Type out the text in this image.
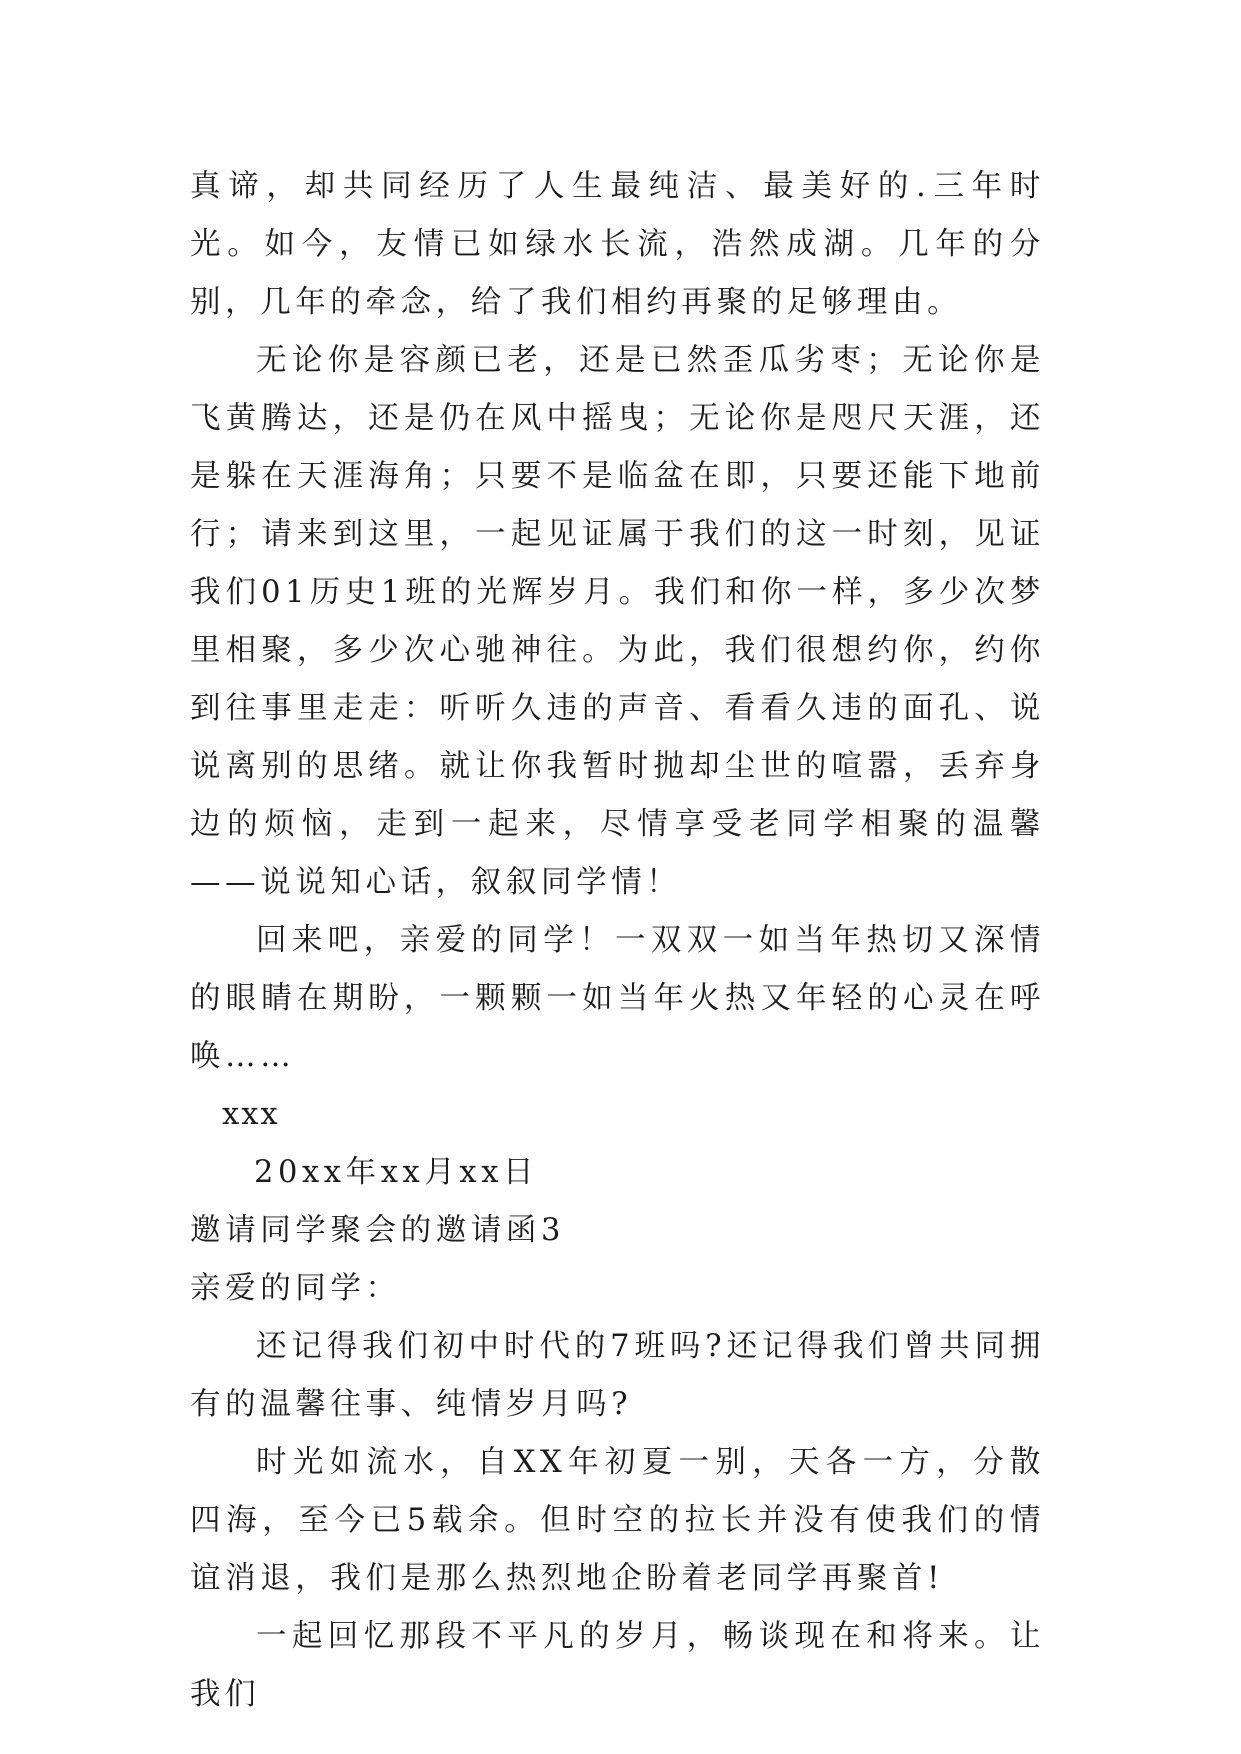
真谛，却共同经历了人生最纯洁、最美好的.三年时光。如今，友情已如绿水长流，浩然成湖。几年的分别，几年的牵念，给了我们相约再聚的足够理由。

无论你是容颜已老，还是已然歪瓜劣枣；无论你是飞黄腾达，还是仍在风中摇曳；无论你是咫尺天涯，还是躲在天涯海角；只要不是临盆在即，只要还能下地前行；请来到这里，一起见证属于我们的这一时刻，见证我们01历史1班的光辉岁月。我们和你一样，多少次梦里相聚，多少次心驰神往。为此，我们很想约你，约你到往事里走走：听听久违的声音、看看久违的面孔、说说离别的思绪。就让你我暂时抛却尘世的喧嚣，丢弃身边的烦恼，走到一起来，尽情享受老同学相聚的温馨——说说知心话，叙叙同学情！

回来吧，亲爱的同学！一双双一如当年热切又深情的眼睛在期盼，一颗颗一如当年火热又年轻的心灵在呼唤……

xxx

20xx年xx月xx日

邀请同学聚会的邀请函3

亲爱的同学：

还记得我们初中时代的7班吗?还记得我们曾共同拥有的温馨往事、纯情岁月吗?

时光如流水，自XX年初夏一别，天各一方，分散四海，至今已5载余。但时空的拉长并没有使我们的情谊消退，我们是那么热烈地企盼着老同学再聚首!

一起回忆那段不平凡的岁月，畅谈现在和将来。让我们
